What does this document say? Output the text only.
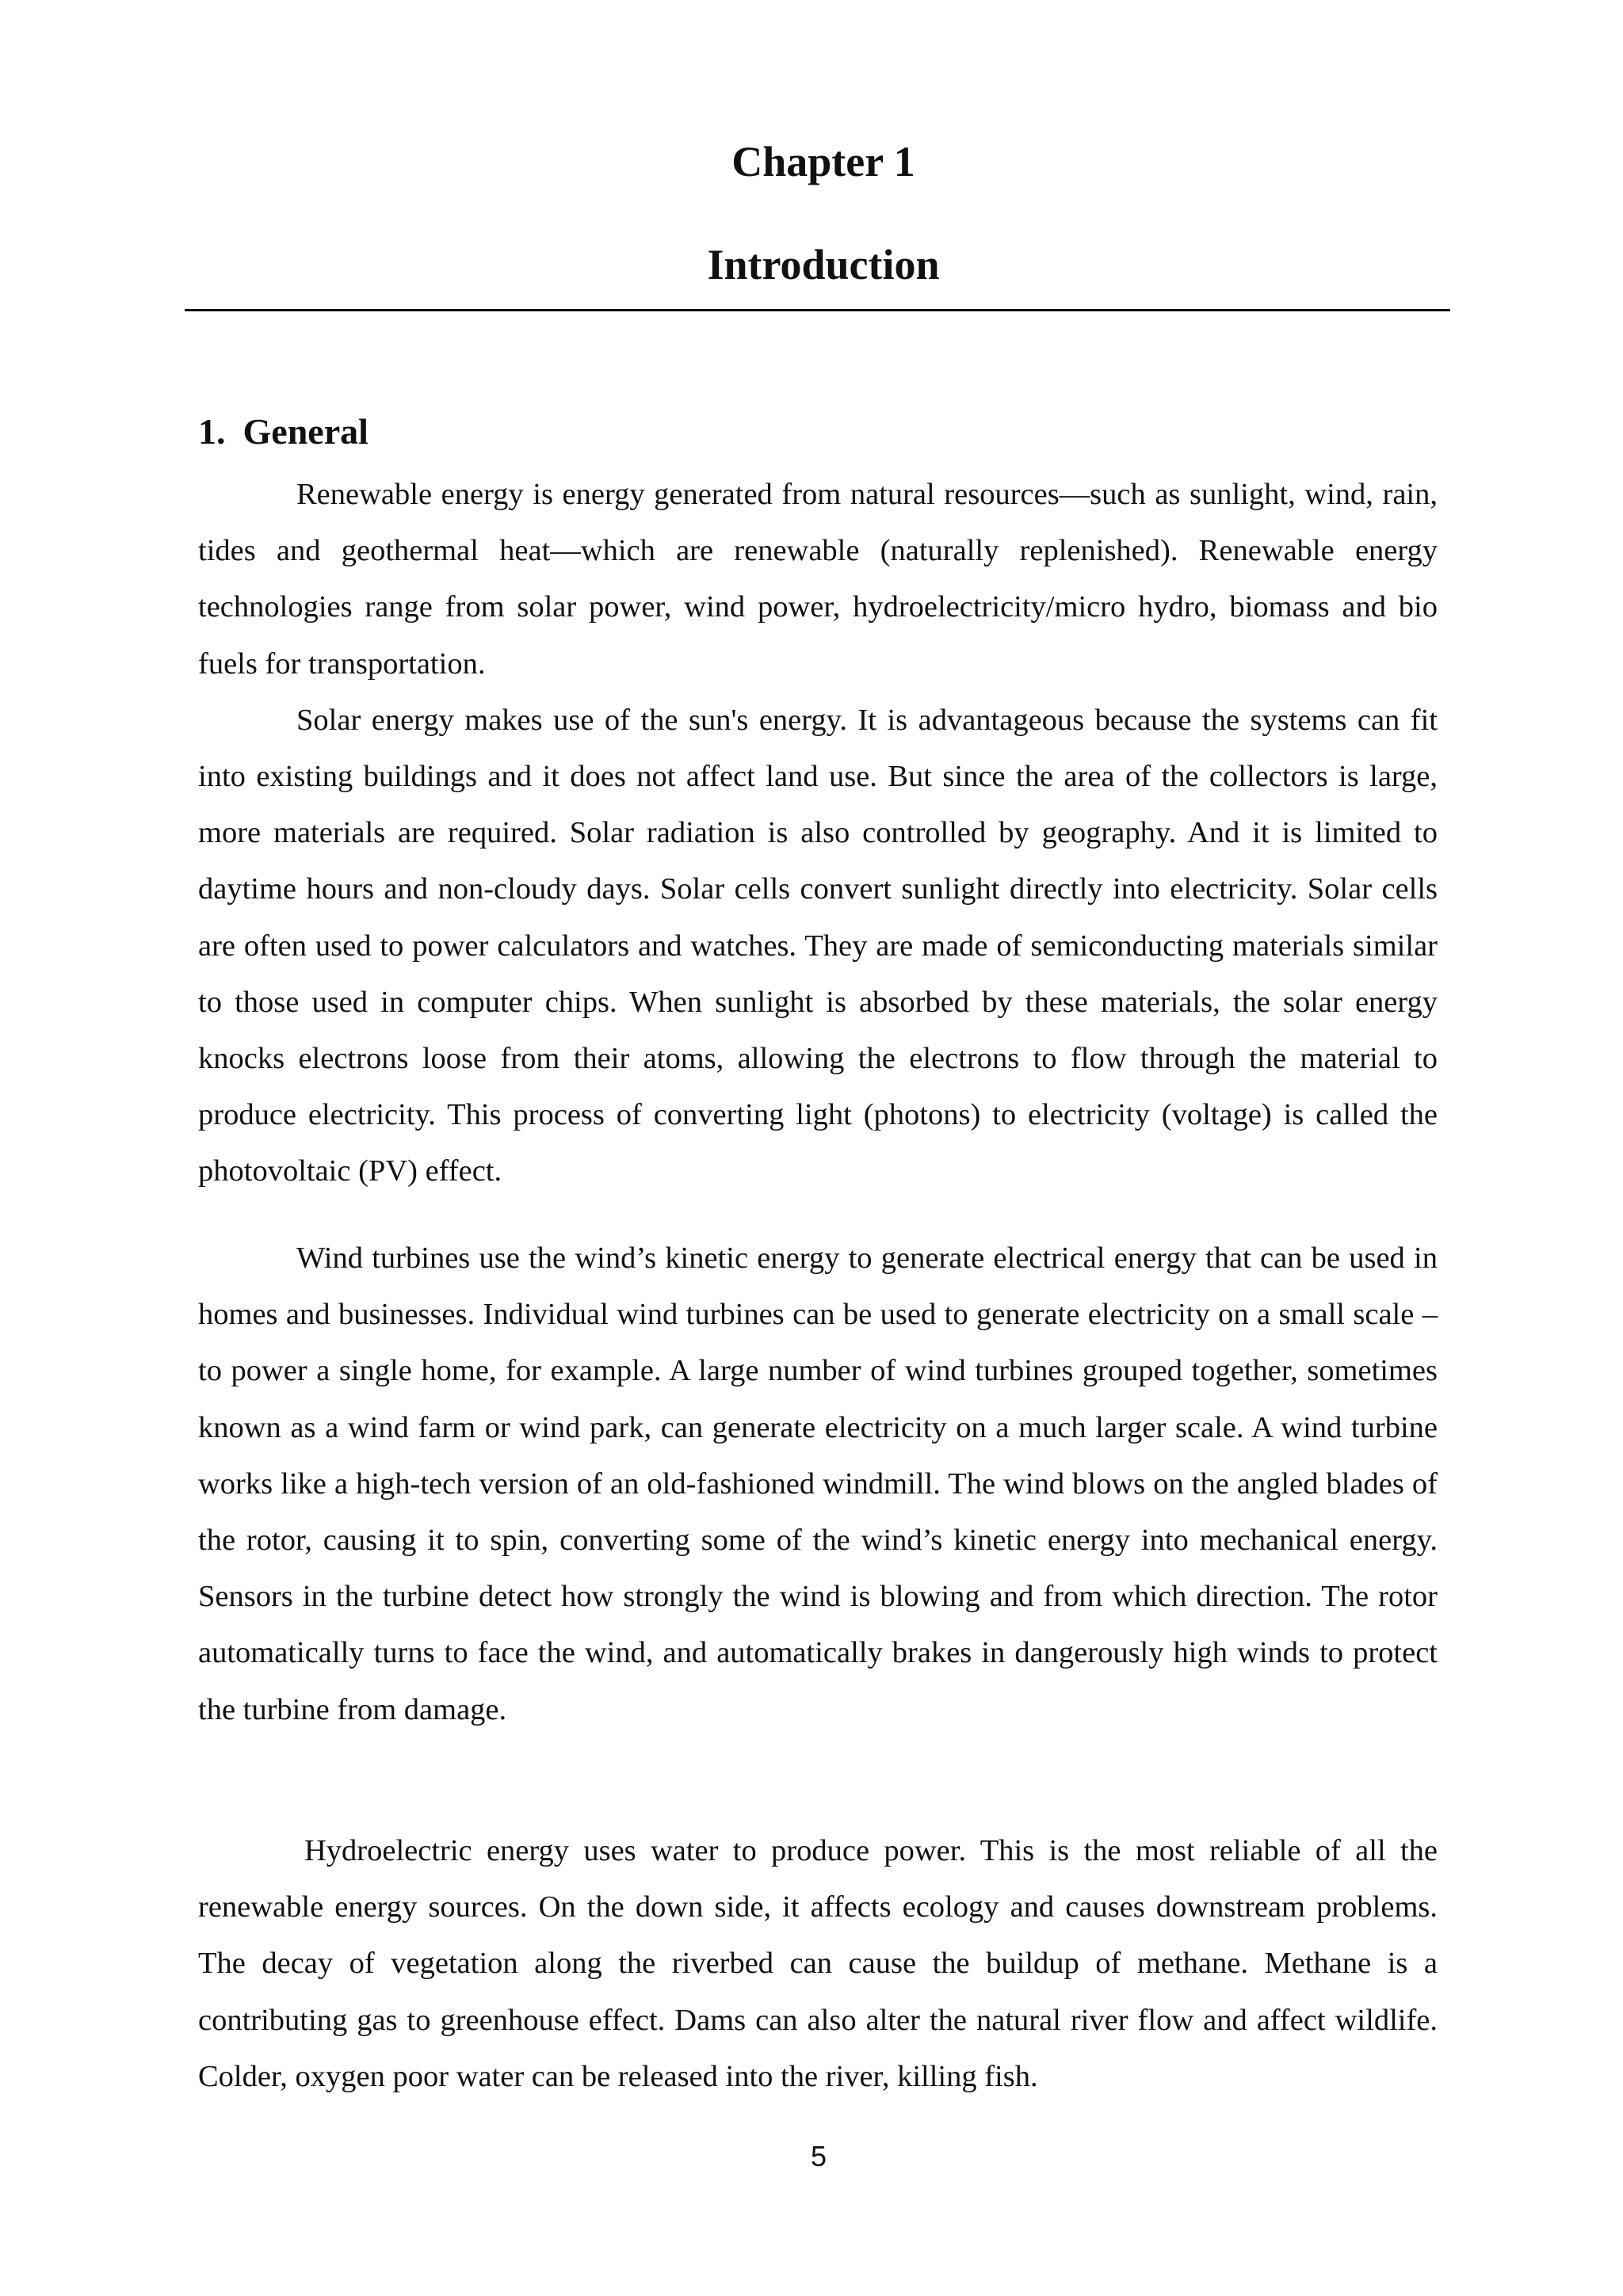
Chapter 1
Introduction
1. General

Renewable energy is energy generated from natural resources—such as sunlight, wind, rain, tides and geothermal heat—which are renewable (naturally replenished). Renewable energy technologies range from solar power, wind power, hydroelectricity/micro hydro, biomass and bio fuels for transportation.

Solar energy makes use of the sun's energy. It is advantageous because the systems can fit into existing buildings and it does not affect land use. But since the area of the collectors is large, more materials are required. Solar radiation is also controlled by geography. And it is limited to daytime hours and non-cloudy days. Solar cells convert sunlight directly into electricity. Solar cells are often used to power calculators and watches. They are made of semiconducting materials similar to those used in computer chips. When sunlight is absorbed by these materials, the solar energy knocks electrons loose from their atoms, allowing the electrons to flow through the material to produce electricity. This process of converting light (photons) to electricity (voltage) is called the photovoltaic (PV) effect.

Wind turbines use the wind’s kinetic energy to generate electrical energy that can be used in homes and businesses. Individual wind turbines can be used to generate electricity on a small scale – to power a single home, for example. A large number of wind turbines grouped together, sometimes known as a wind farm or wind park, can generate electricity on a much larger scale. A wind turbine works like a high-tech version of an old-fashioned windmill. The wind blows on the angled blades of the rotor, causing it to spin, converting some of the wind’s kinetic energy into mechanical energy. Sensors in the turbine detect how strongly the wind is blowing and from which direction. The rotor automatically turns to face the wind, and automatically brakes in dangerously high winds to protect the turbine from damage.

Hydroelectric energy uses water to produce power. This is the most reliable of all the renewable energy sources. On the down side, it affects ecology and causes downstream problems. The decay of vegetation along the riverbed can cause the buildup of methane. Methane is a contributing gas to greenhouse effect. Dams can also alter the natural river flow and affect wildlife. Colder, oxygen poor water can be released into the river, killing fish.

5
